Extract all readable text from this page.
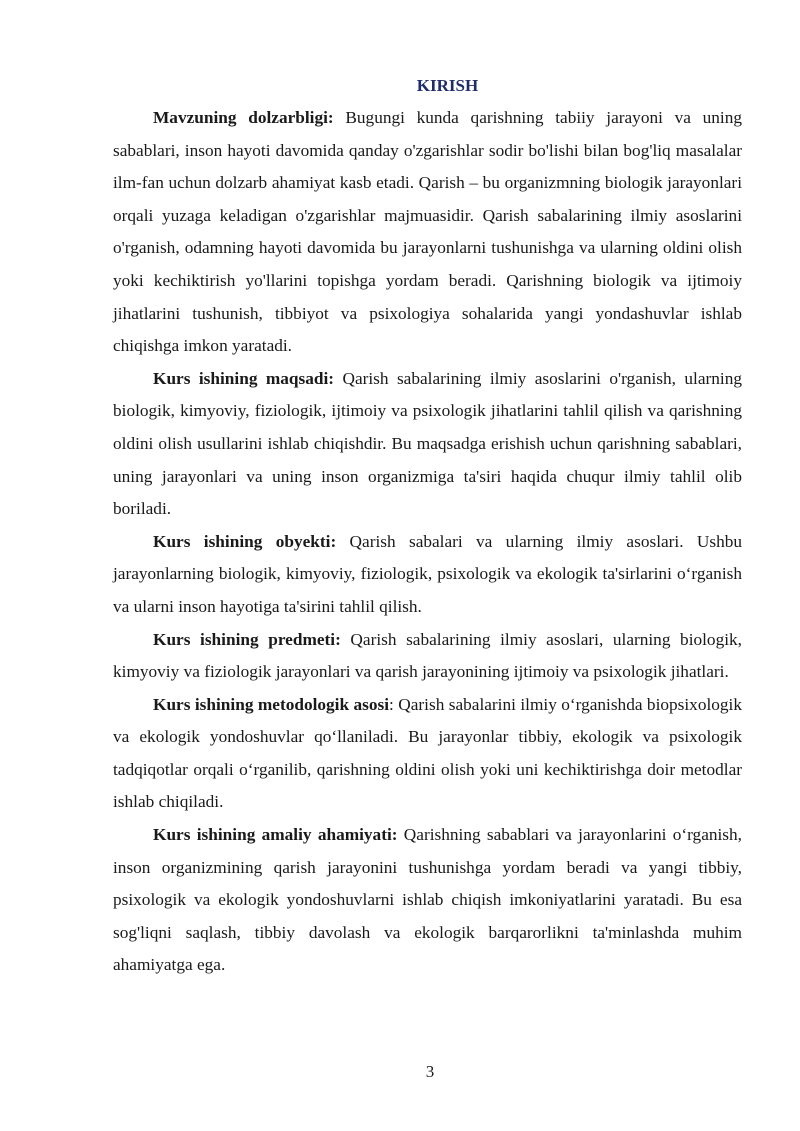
KIRISH

Mavzuning dolzarbligi: Bugungi kunda qarishning tabiiy jarayoni va uning sabablari, inson hayoti davomida qanday o'zgarishlar sodir bo'lishi bilan bog'liq masalalar ilm-fan uchun dolzarb ahamiyat kasb etadi. Qarish – bu organizmning biologik jarayonlari orqali yuzaga keladigan o'zgarishlar majmuasidir. Qarish sabalarining ilmiy asoslarini o'rganish, odamning hayoti davomida bu jarayonlarni tushunishga va ularning oldini olish yoki kechiktirish yo'llarini topishga yordam beradi. Qarishning biologik va ijtimoiy jihatlarini tushunish, tibbiyot va psixologiya sohalarida yangi yondashuvlar ishlab chiqishga imkon yaratadi.

Kurs ishining maqsadi: Qarish sabalarining ilmiy asoslarini o'rganish, ularning biologik, kimyoviy, fiziologik, ijtimoiy va psixologik jihatlarini tahlil qilish va qarishning oldini olish usullarini ishlab chiqishdir. Bu maqsadga erishish uchun qarishning sabablari, uning jarayonlari va uning inson organizmiga ta'siri haqida chuqur ilmiy tahlil olib boriladi.

Kurs ishining obyekti: Qarish sabalari va ularning ilmiy asoslari. Ushbu jarayonlarning biologik, kimyoviy, fiziologik, psixologik va ekologik ta'sirlarini o‘rganish va ularni inson hayotiga ta'sirini tahlil qilish.

Kurs ishining predmeti: Qarish sabalarining ilmiy asoslari, ularning biologik, kimyoviy va fiziologik jarayonlari va qarish jarayonining ijtimoiy va psixologik jihatlari.

Kurs ishining metodologik asosi: Qarish sabalarini ilmiy o‘rganishda biopsixologik va ekologik yondoshuvlar qo‘llaniladi. Bu jarayonlar tibbiy, ekologik va psixologik tadqiqotlar orqali o‘rganilib, qarishning oldini olish yoki uni kechiktirishga doir metodlar ishlab chiqiladi.

Kurs ishining amaliy ahamiyati: Qarishning sabablari va jarayonlarini o‘rganish, inson organizmining qarish jarayonini tushunishga yordam beradi va yangi tibbiy, psixologik va ekologik yondoshuvlarni ishlab chiqish imkoniyatlarini yaratadi. Bu esa sog'liqni saqlash, tibbiy davolash va ekologik barqarorlikni ta'minlashda muhim ahamiyatga ega.

3
